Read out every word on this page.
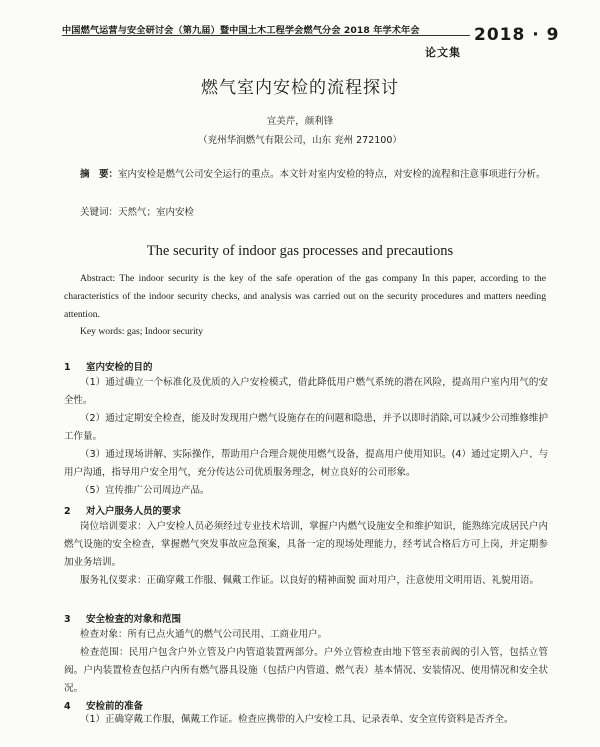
中国燃气运营与安全研讨会（第九届）暨中国土木工程学会燃气分会 2018 年学术年会	2018 · 9
论文集
燃气室内安检的流程探讨
宣美芹，颜利锋
（兖州华润燃气有限公司，山东 兖州 272100）
摘　要：室内安检是燃气公司安全运行的重点。本文针对室内安检的特点，对安检的流程和注意事项进行分析。
关键词：天然气；室内安检
The security of indoor gas processes and precautions
Abstract: The indoor security is the key of the safe operation of the gas company In this paper, according to the characteristics of the indoor security checks, and analysis was carried out on the security procedures and matters needing attention.
Key words: gas; Indoor security
1 室内安检的目的
（1）通过确立一个标准化及优质的入户安检模式，借此降低用户燃气系统的潜在风险，提高用户室内用气的安全性。
（2）通过定期安全检查，能及时发现用户燃气设施存在的问题和隐患，并予以即时消除,可以减少公司维修维护工作量。
（3）通过现场讲解、实际操作，帮助用户合理合规使用燃气设备，提高用户使用知识。(4）通过定期入户、与用户沟通，指导用户安全用气，充分传达公司优质服务理念，树立良好的公司形象。
（5）宣传推广公司周边产品。
2 对入户服务人员的要求
岗位培训要求：入户安检人员必须经过专业技术培训，掌握户内燃气设施安全和维护知识，能熟练完成居民户内燃气设施的安全检查，掌握燃气突发事故应急预案，具备一定的现场处理能力，经考试合格后方可上岗，并定期参加业务培训。
服务礼仪要求：正确穿戴工作服、佩戴工作证。以良好的精神面貌 面对用户，注意使用文明用语、礼貌用语。
3 安全检查的对象和范围
检查对象：所有已点火通气的燃气公司民用、工商业用户。
检查范围：民用户包含户外立管及户内管道装置两部分。户外立管检查由地下管至表前阀的引入管，包括立管阀。户内装置检查包括户内所有燃气器具设施（包括户内管道、燃气表）基本情况、安装情况、使用情况和安全状况。
4 安检前的准备
（1）正确穿戴工作服，佩戴工作证。检查应携带的入户安检工具、记录表单、安全宣传资料是否齐全。
